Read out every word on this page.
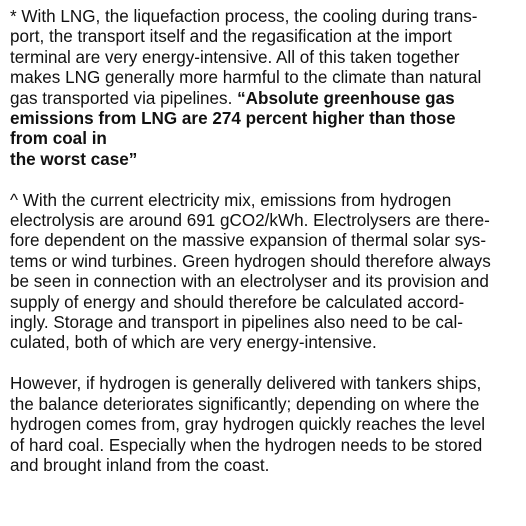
* With LNG, the liquefaction process, the cooling during trans-
port, the transport itself and the regasification at the import
terminal are very energy-intensive. All of this taken together
makes LNG generally more harmful to the climate than natural
gas transported via pipelines. “Absolute greenhouse gas
emissions from LNG are 274 percent higher than those
from coal in
the worst case”
^ With the current electricity mix, emissions from hydrogen
electrolysis are around 691 gCO2/kWh. Electrolysers are there-
fore dependent on the massive expansion of thermal solar sys-
tems or wind turbines. Green hydrogen should therefore always
be seen in connection with an electrolyser and its provision and
supply of energy and should therefore be calculated accord-
ingly. Storage and transport in pipelines also need to be cal-
culated, both of which are very energy-intensive.
However, if hydrogen is generally delivered with tankers ships,
the balance deteriorates significantly; depending on where the
hydrogen comes from, gray hydrogen quickly reaches the level
of hard coal. Especially when the hydrogen needs to be stored
and brought inland from the coast.
